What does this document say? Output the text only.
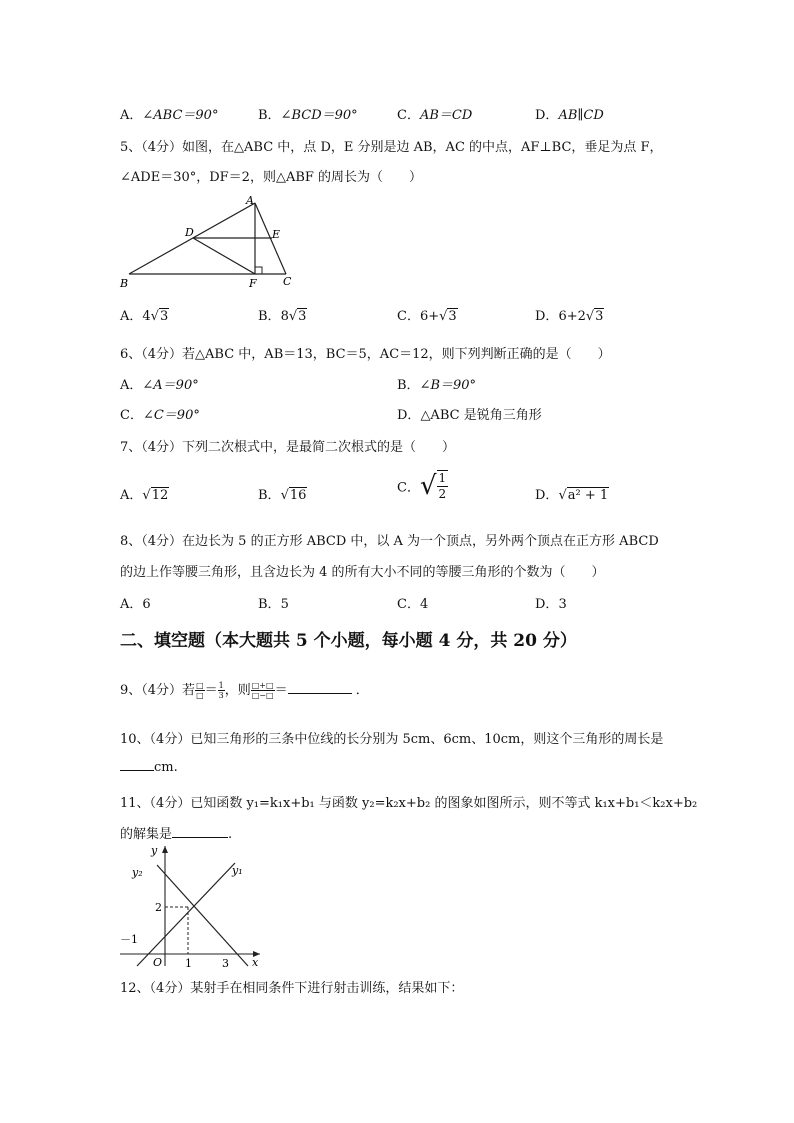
A．∠ABC＝90°	B．∠BCD＝90°	C．AB＝CD	D．AB∥CD
5、（4分）如图，在△ABC 中，点 D，E 分别是边 AB，AC 的中点，AF⊥BC，垂足为点 F，
∠ADE＝30°，DF＝2，则△ABF 的周长为（　　）
A
D	E
B	F C
A．4√3	B．8√3	C．6+√3	D．6+2√3
6、（4分）若△ABC 中，AB＝13，BC＝5，AC＝12，则下列判断正确的是（　　）
A．∠A＝90°	B．∠B＝90°
C．∠C＝90°	D．△ABC 是锐角三角形
7、（4分）下列二次根式中，是最简二次根式的是（　　）
A．√12	B．√16	C．√ $\frac{1}{2}$	D．√a² + 1
8、（4分）在边长为 5 的正方形 ABCD 中，以 A 为一个顶点，另外两个顶点在正方形 ABCD
的边上作等腰三角形，且含边长为 4 的所有大小不同的等腰三角形的个数为（　　）
A．6	B．5	C．4	D．3
二、填空题（本大题共 5 个小题，每小题 4 分，共 20 分）
9、（4分）若 $\frac{□}{□} = \frac{1}{3}$ ，则 $\frac{□+□}{□-□}$ ＝	．
10、（4分）已知三角形的三条中位线的长分别为 5cm、6cm、10cm，则这个三角形的周长是
cm.
11、（4分）已知函数 y₁=k₁x+b₁ 与函数 y₂=k₂x+b₂ 的图象如图所示，则不等式 k₁x+b₁＜k₂x+b₂
的解集是	.
y
x
y₁
y₂
2
－1
O 1	3
12、（4分）某射手在相同条件下进行射击训练，结果如下：
